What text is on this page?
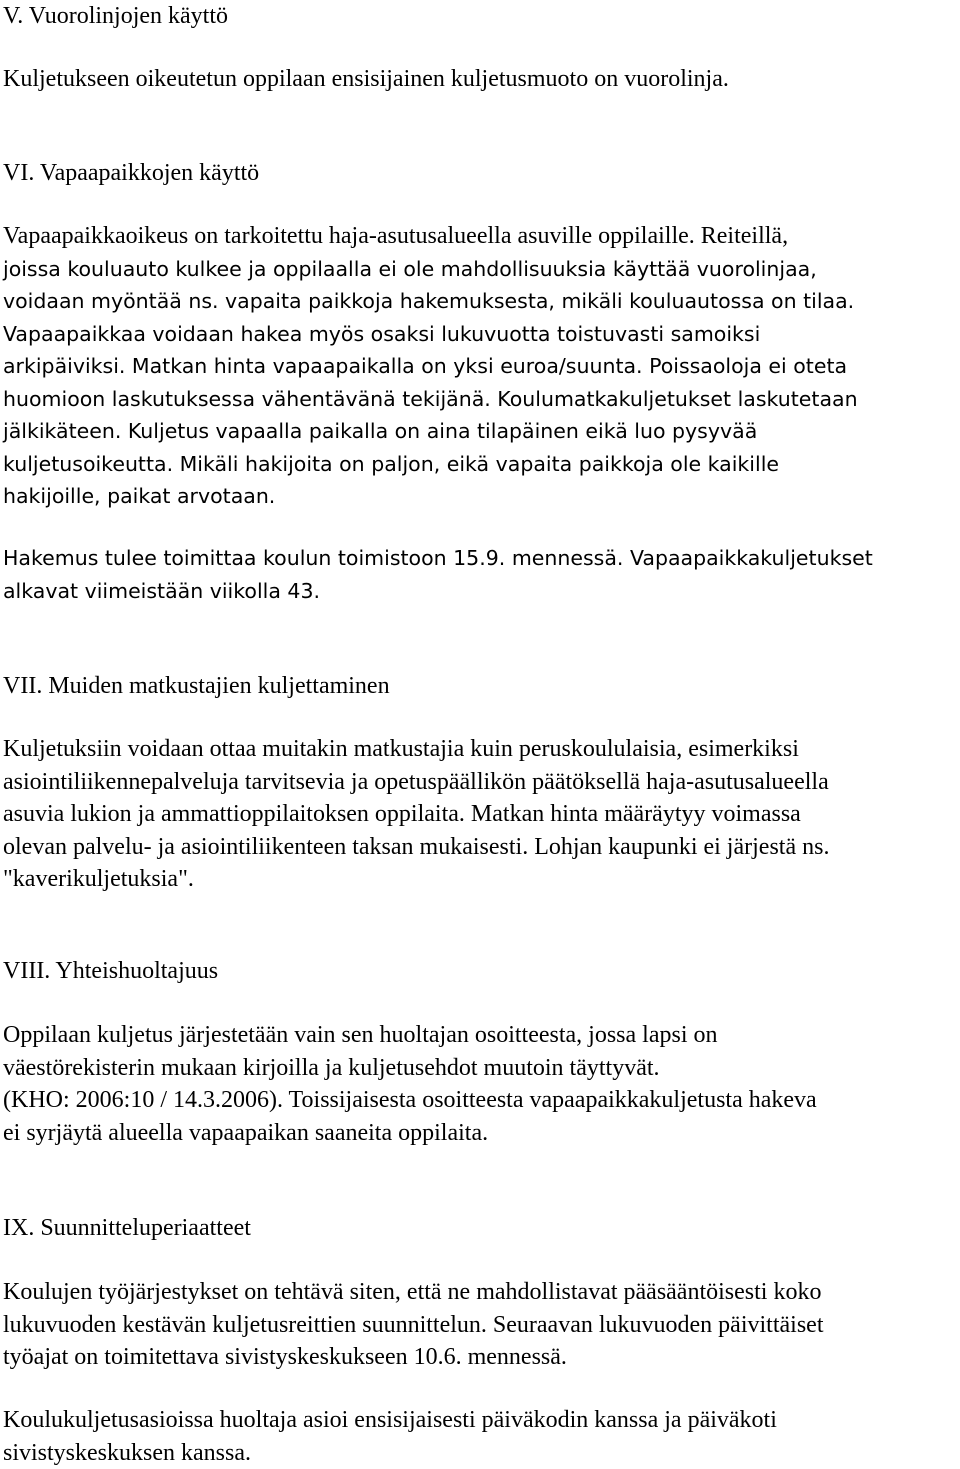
V. Vuorolinjojen käyttö

Kuljetukseen oikeutetun oppilaan ensisijainen kuljetusmuoto on vuorolinja.

VI. Vapaapaikkojen käyttö

Vapaapaikkaoikeus on tarkoitettu haja-asutusalueella asuville oppilaille. Reiteillä,
joissa kouluauto kulkee ja oppilaalla ei ole mahdollisuuksia käyttää vuorolinjaa,
voidaan myöntää ns. vapaita paikkoja hakemuksesta, mikäli kouluautossa on tilaa.
Vapaapaikkaa voidaan hakea myös osaksi lukuvuotta toistuvasti samoiksi
arkipäiviksi. Matkan hinta vapaapaikalla on yksi euroa/suunta. Poissaoloja ei oteta
huomioon laskutuksessa vähentävänä tekijänä. Koulumatkakuljetukset laskutetaan
jälkikäteen. Kuljetus vapaalla paikalla on aina tilapäinen eikä luo pysyvää
kuljetusoikeutta. Mikäli hakijoita on paljon, eikä vapaita paikkoja ole kaikille
hakijoille, paikat arvotaan.

Hakemus tulee toimittaa koulun toimistoon 15.9. mennessä. Vapaapaikkakuljetukset
alkavat viimeistään viikolla 43.

VII. Muiden matkustajien kuljettaminen

Kuljetuksiin voidaan ottaa muitakin matkustajia kuin peruskoululaisia, esimerkiksi
asiointiliikennepalveluja tarvitsevia ja opetuspäällikön päätöksellä haja-asutusalueella
asuvia lukion ja ammattioppilaitoksen oppilaita. Matkan hinta määräytyy voimassa
olevan palvelu- ja asiointiliikenteen taksan mukaisesti. Lohjan kaupunki ei järjestä ns.
"kaverikuljetuksia".

VIII. Yhteishuoltajuus

Oppilaan kuljetus järjestetään vain sen huoltajan osoitteesta, jossa lapsi on
väestörekisterin mukaan kirjoilla ja kuljetusehdot muutoin täyttyvät.
(KHO: 2006:10 / 14.3.2006). Toissijaisesta osoitteesta vapaapaikkakuljetusta hakeva
ei syrjäytä alueella vapaapaikan saaneita oppilaita.

IX. Suunnitteluperiaatteet

Koulujen työjärjestykset on tehtävä siten, että ne mahdollistavat pääsääntöisesti koko
lukuvuoden kestävän kuljetusreittien suunnittelun. Seuraavan lukuvuoden päivittäiset
työajat on toimitettava sivistyskeskukseen 10.6. mennessä.

Koulukuljetusasioissa huoltaja asioi ensisijaisesti päiväkodin kanssa ja päiväkoti
sivistyskeskuksen kanssa.
